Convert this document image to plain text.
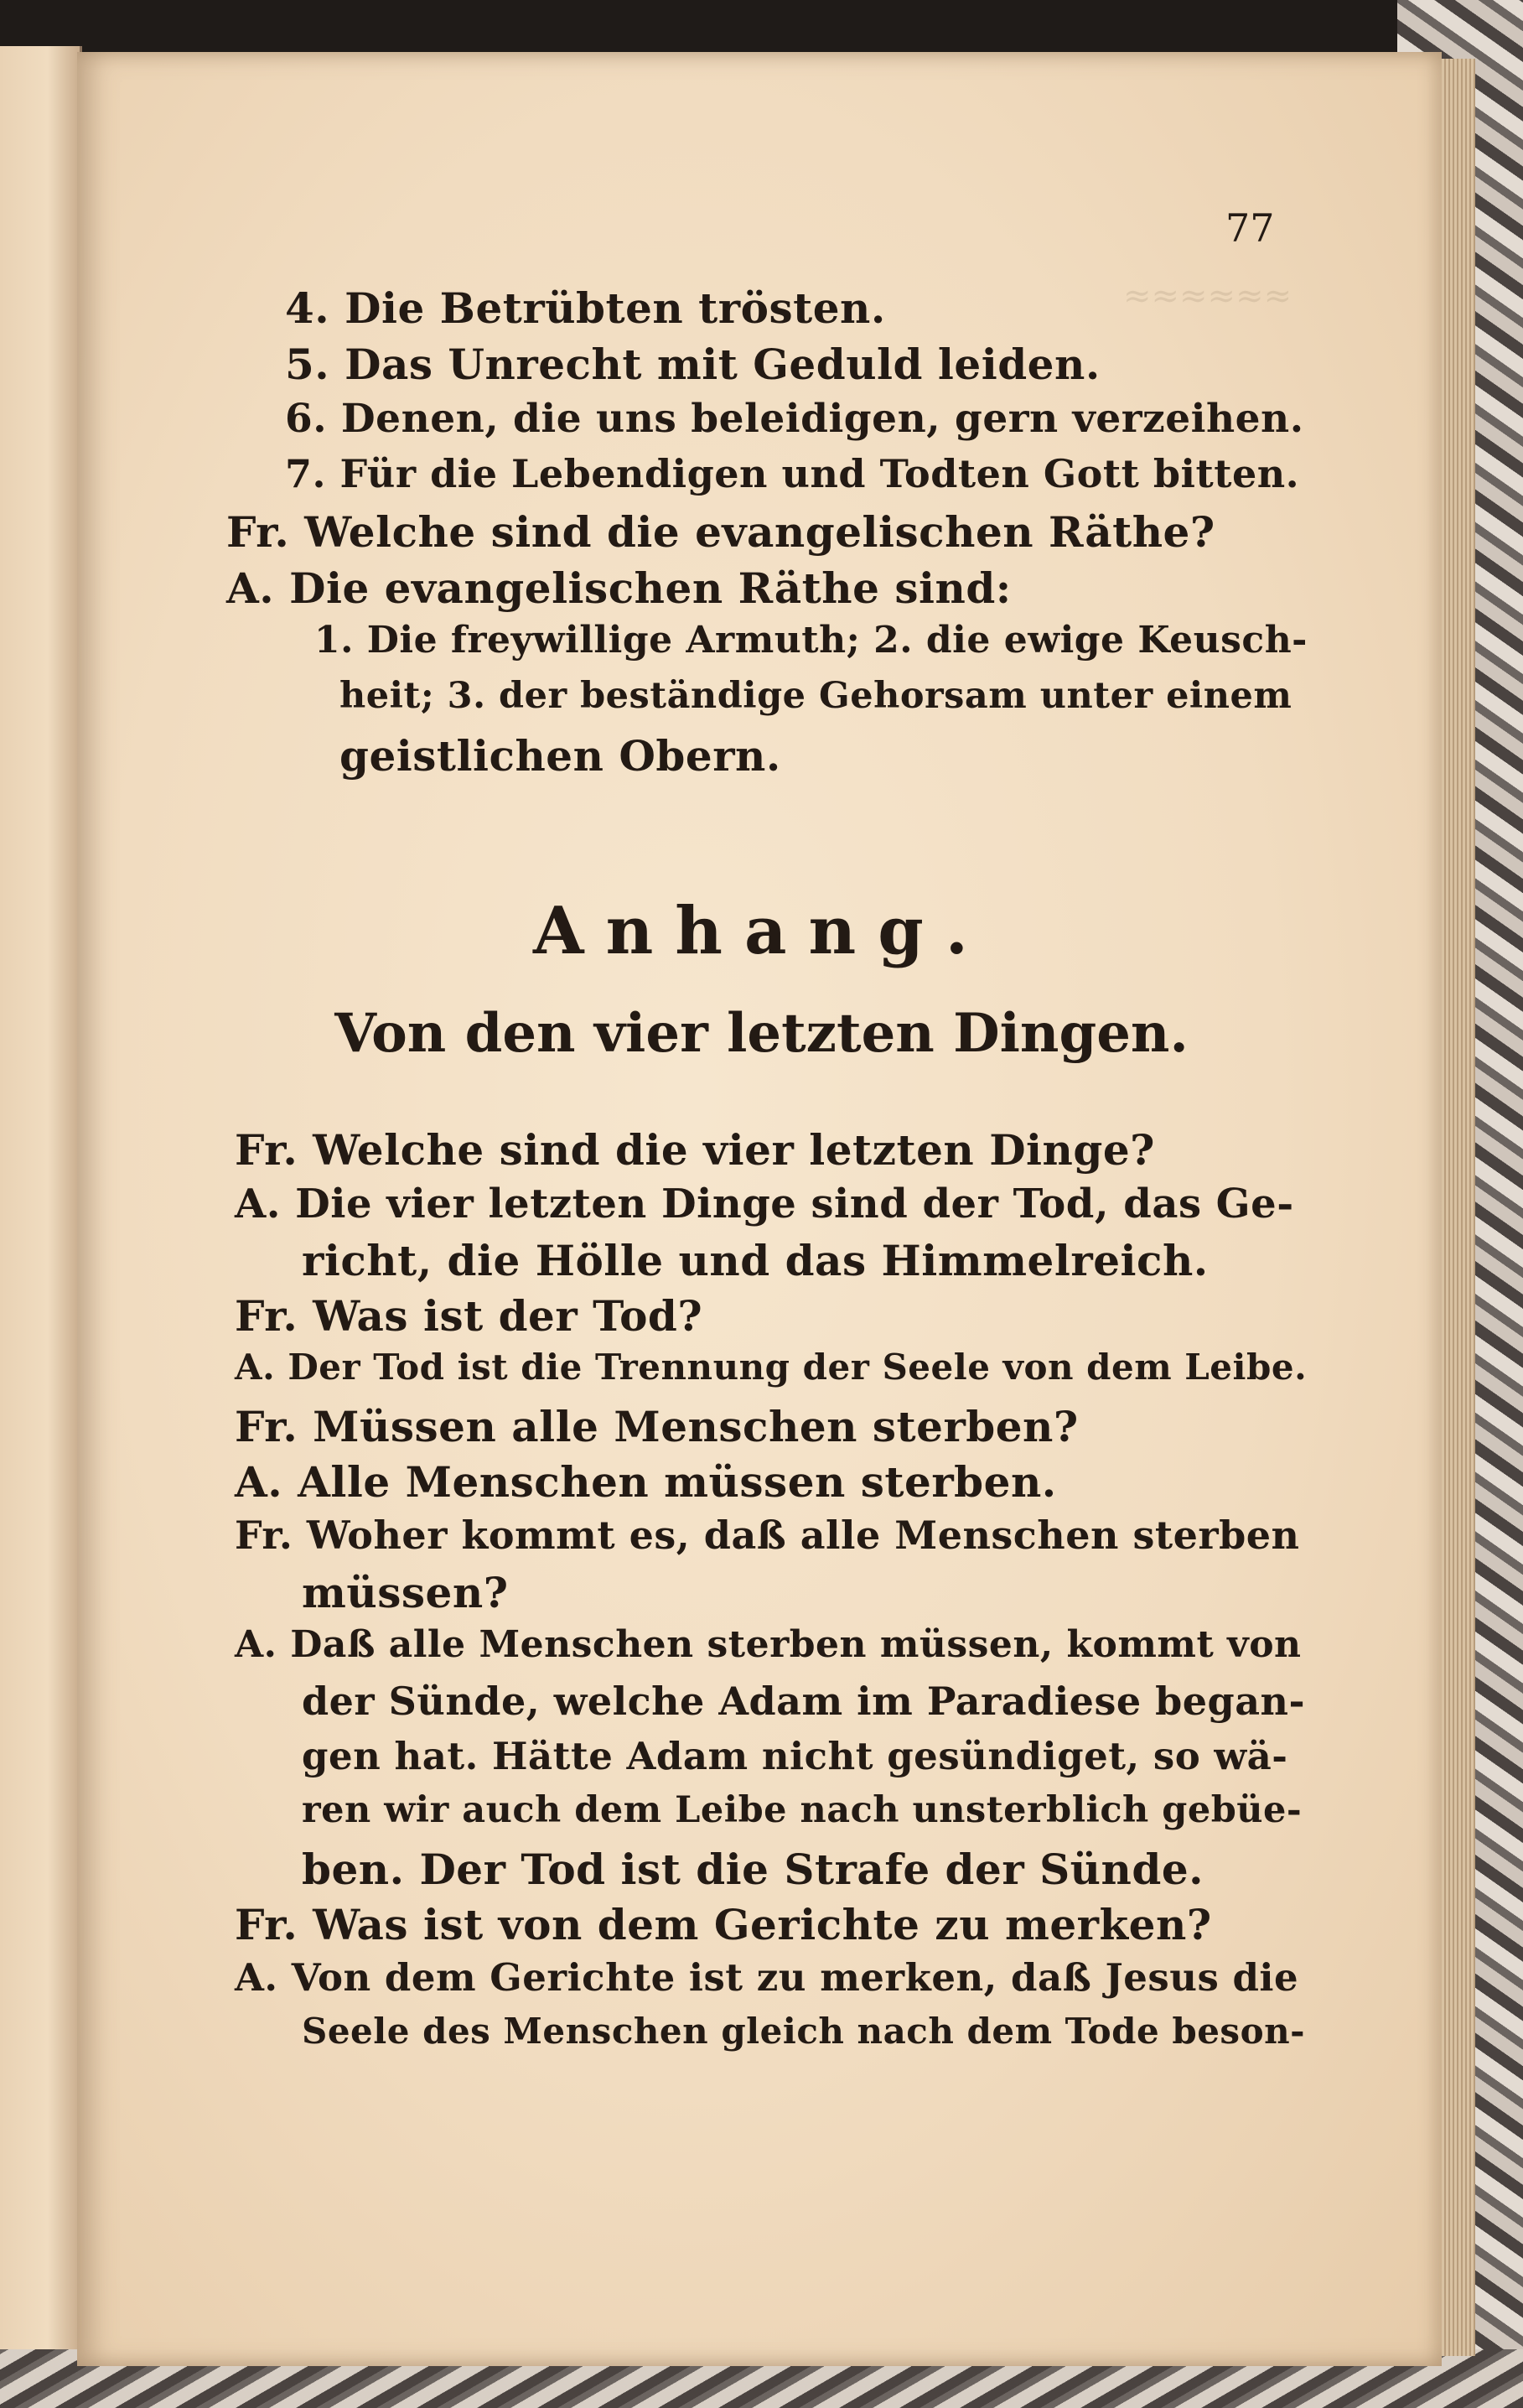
≈≈≈≈≈≈
77
4. Die Betrübten trösten.
5. Das Unrecht mit Geduld leiden.
6. Denen, die uns beleidigen, gern verzeihen.
7. Für die Lebendigen und Todten Gott bitten.
Fr. Welche sind die evangelischen Räthe?
A. Die evangelischen Räthe sind:
1. Die freywillige Armuth; 2. die ewige Keusch-
heit; 3. der beständige Gehorsam unter einem
geistlichen Obern.
Anhang.
Von den vier letzten Dingen.
Fr. Welche sind die vier letzten Dinge?
A. Die vier letzten Dinge sind der Tod, das Ge-
richt, die Hölle und das Himmelreich.
Fr. Was ist der Tod?
A. Der Tod ist die Trennung der Seele von dem Leibe.
Fr. Müssen alle Menschen sterben?
A. Alle Menschen müssen sterben.
Fr. Woher kommt es, daß alle Menschen sterben
müssen?
A. Daß alle Menschen sterben müssen, kommt von
der Sünde, welche Adam im Paradiese began-
gen hat. Hätte Adam nicht gesündiget, so wä-
ren wir auch dem Leibe nach unsterblich gebüe-
ben. Der Tod ist die Strafe der Sünde.
Fr. Was ist von dem Gerichte zu merken?
A. Von dem Gerichte ist zu merken, daß Jesus die
Seele des Menschen gleich nach dem Tode beson-
